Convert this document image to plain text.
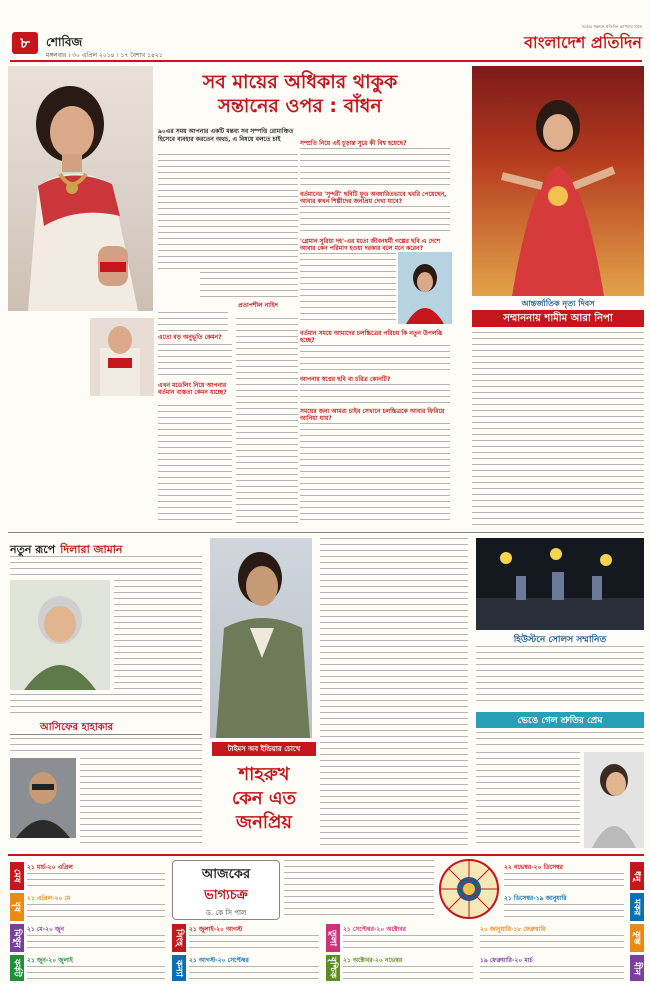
৮	শোবিজ
মঙ্গলবার । ৩০ এপ্রিল ২০১৪ । ১৭ বৈশাখ ১৪২১
বাংলাদেশ প্রতিদিন
সত্যের সন্ধানে প্রতিদিন আপনার সাথে
সব মায়ের অধিকার থাকুক
সন্তানের ওপর : বাঁধন
৯০এর সময় আপনার একটি মন্তব্য সব সম্পত্তি রোমাঞ্চিত হিসেবে ব্যবহার করতেন অথচ, এ বিষয়ে বলতে চাই
প্রতাপশীল নাহিদ
এতো বড় অনুভূতি কেমন?
এখন মডেলিং নিয়ে আপনার বর্তমান ব্যস্ততা কেমন যাচ্ছে?
সম্প্রতি নিয়ে এই চূড়ান্ত সুরে কী বিশ্ব হয়েছে?
বর্তমানের 'সুন্দরী' ছবিটি ফুড অবধারিতভাবে খবরি পেয়েছেন, আবার কখন শিল্পীদের জনপ্রিয় দেখা যাবে?
'গ্রেমান সুরিয়া দহ'-এর মতো জীবনধর্মী গল্পের ছবি এ দেশে আবার কেন পরিমাণ হওয়া দরকার বলে মনে করেন?
বর্তমান সময়ে আমাদের চলচ্চিত্রের পরিচয় কি নতুন উপলব্ধি হচ্ছে?
আপনার স্বপ্নের ছবি বা চরিত্র কোনটি?
সময়ের জন্য আমরা চাইব সেখানে চলচ্চিত্রকে আবার ফিরিয়ে আনিয়া যায়?
আন্তর্জাতিক নৃত্য দিবস
সম্মাননায় শামীম আরা নিপা
নতুন রূপে দিলারা জামান
আসিফের হাহাকার
টাইমস অব ইন্ডিয়ার চোখে
শাহরুখ
কেন এত
জনপ্রিয়
হিউস্টনে সোলস সম্মানিত
ভেঙে গেল শ্রুতির প্রেম
আজকের
ভাগ্যচক্র
ড. কে সি পাল
মেষ
২১ মার্চ-২০ এপ্রিল
বৃষ
২১ এপ্রিল-২০ মে
মিথুন ২১ মে-২০ জুন
কর্কট ২১ জুন-২০ জুলাই
সিংহ ২১ জুলাই-২০ আগস্ট
কন্যা ২১ আগস্ট-২০ সেপ্টেম্বর
তুলা
২১ সেপ্টেম্বর-২০ অক্টোবর
বৃশ্চিক ২১ অক্টোবর-২০ নভেম্বর
২২ নভেম্বর-২০ ডিসেম্বর
ধনু
২১ ডিসেম্বর-১৯ জানুয়ারি
মকর
২০ জানুয়ারি-১৮ ফেব্রুয়ারি
কুম্ভ
১৯ ফেব্রুয়ারি-২০ মার্চ
মীন
